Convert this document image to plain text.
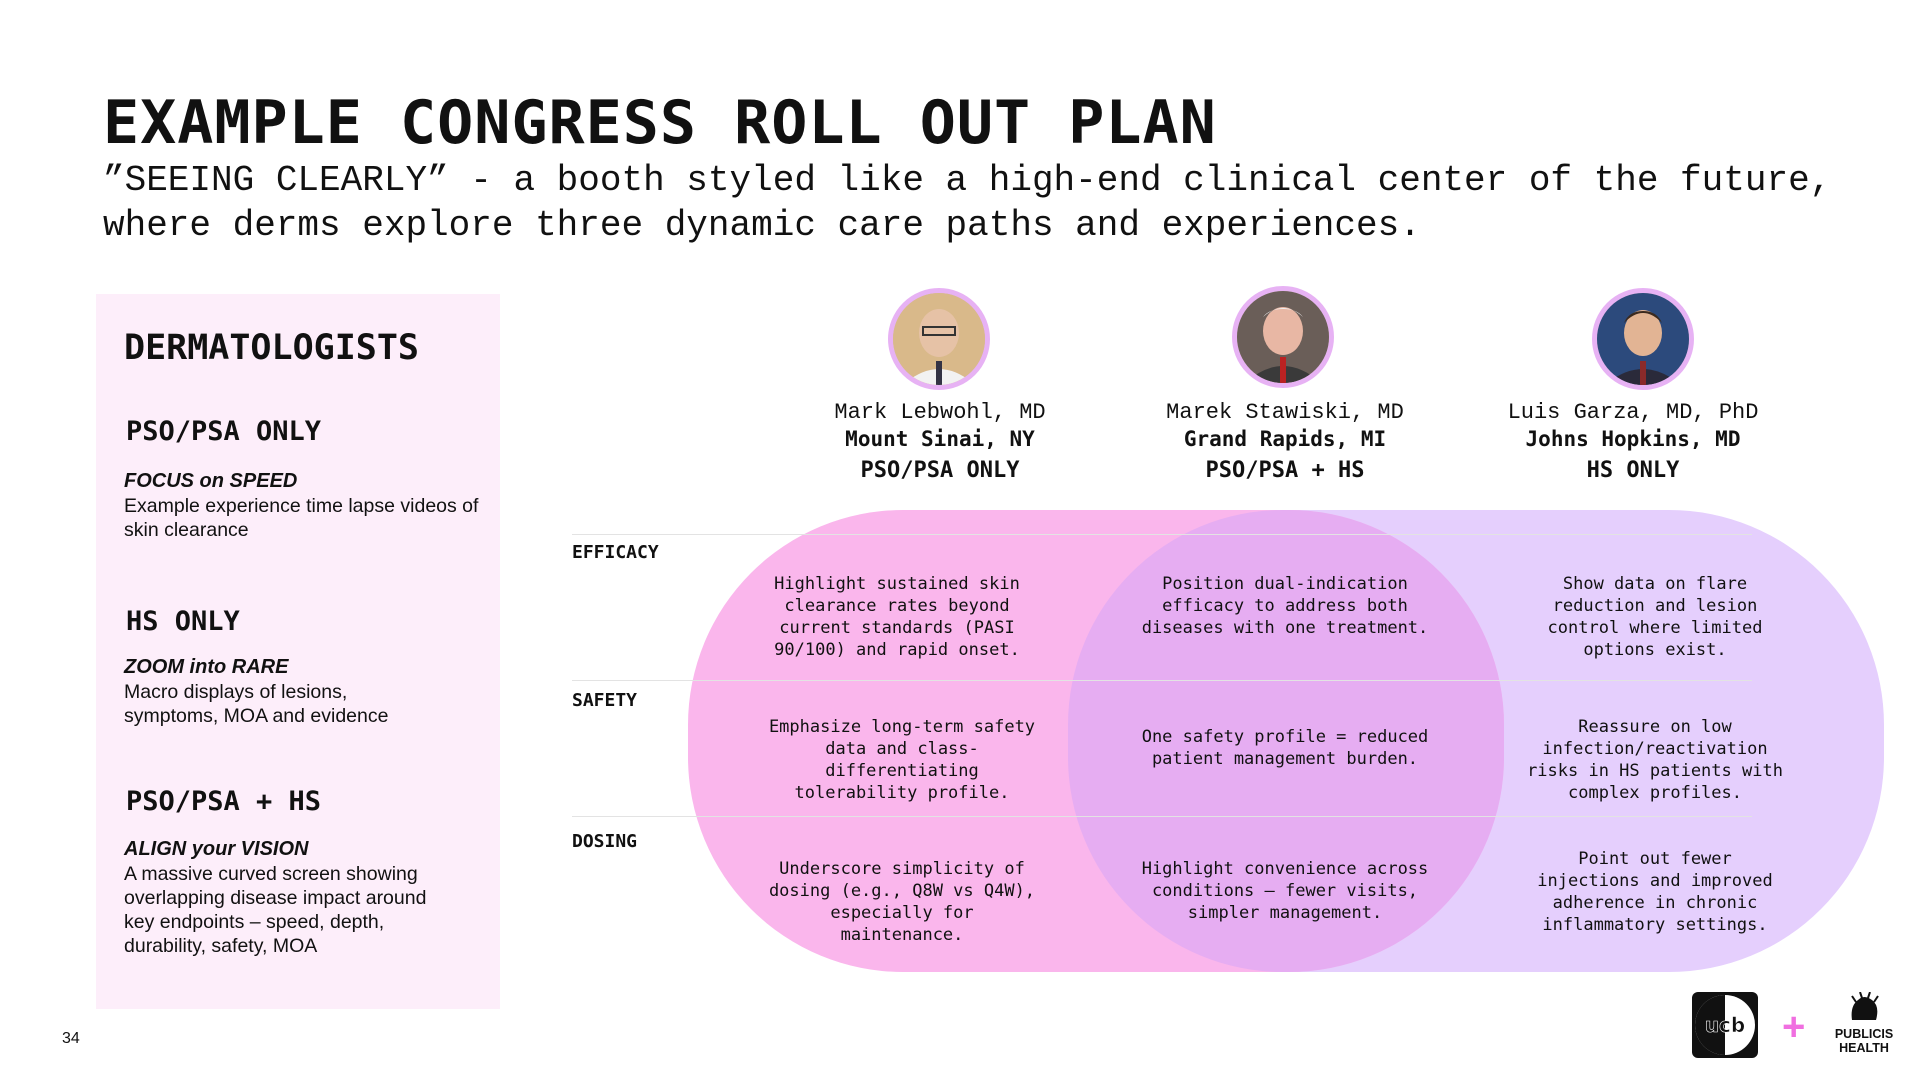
EXAMPLE CONGRESS ROLL OUT PLAN

”SEEING CLEARLY” - a booth styled like a high-end clinical center of the future, where derms explore three dynamic care paths and experiences.

DERMATOLOGISTS
PSO/PSA ONLY
FOCUS on SPEED
Example experience time lapse videos of skin clearance
HS ONLY
ZOOM into RARE
Macro displays of lesions, symptoms, MOA and evidence
PSO/PSA + HS
ALIGN your VISION
A massive curved screen showing overlapping disease impact around key endpoints – speed, depth, durability, safety, MOA
Mark Lebwohl, MD
Mount Sinai, NY
PSO/PSA ONLY
Marek Stawiski, MD
Grand Rapids, MI
PSO/PSA + HS
Luis Garza, MD, PhD
Johns Hopkins, MD
HS ONLY
EFFICACY
SAFETY
DOSING
Highlight sustained skin clearance rates beyond current standards (PASI 90/100) and rapid onset.
Position dual-indication efficacy to address both diseases with one treatment.
Show data on flare reduction and lesion control where limited options exist.
Emphasize long-term safety data and class-differentiating tolerability profile.
One safety profile = reduced patient management burden.
Reassure on low infection/reactivation risks in HS patients with complex profiles.
Underscore simplicity of dosing (e.g., Q8W vs Q4W), especially for maintenance.
Highlight convenience across conditions — fewer visits, simpler management.
Point out fewer injections and improved adherence in chronic inflammatory settings.
34
ucb +	PUBLICIS HEALTH
